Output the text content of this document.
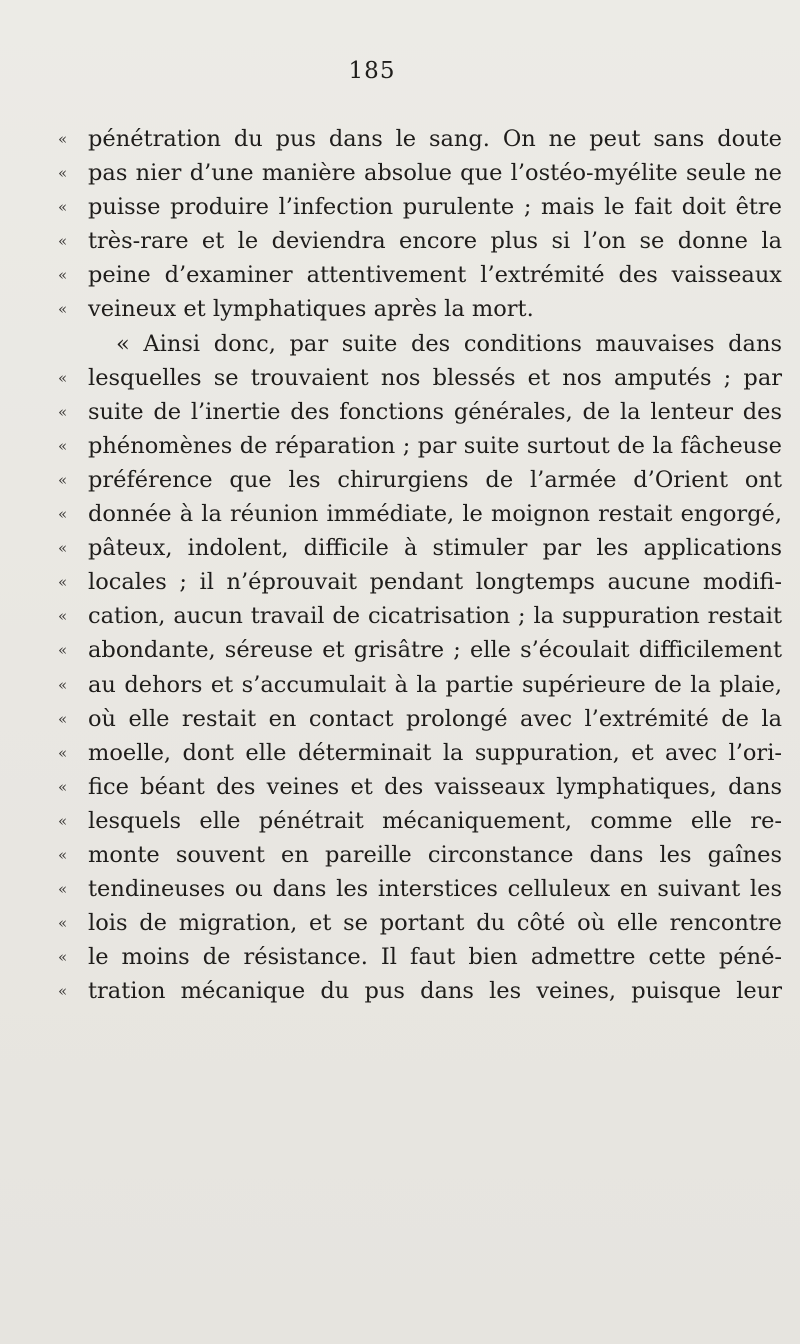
185
« pénétration du pus dans le sang. On ne peut sans doute
« pas nier d’une manière absolue que l’ostéo-myélite seule ne
« puisse produire l’infection purulente ; mais le fait doit être
« très-rare et le deviendra encore plus si l’on se donne la
« peine d’examiner attentivement l’extrémité des vaisseaux
« veineux et lymphatiques après la mort.
« Ainsi donc, par suite des conditions mauvaises dans
« lesquelles se trouvaient nos blessés et nos amputés ; par
« suite de l’inertie des fonctions générales, de la lenteur des
« phénomènes de réparation ; par suite surtout de la fâcheuse
« préférence que les chirurgiens de l’armée d’Orient ont
« donnée à la réunion immédiate, le moignon restait engorgé,
« pâteux, indolent, difficile à stimuler par les applications
« locales ; il n’éprouvait pendant longtemps aucune modifi-
« cation, aucun travail de cicatrisation ; la suppuration restait
« abondante, séreuse et grisâtre ; elle s’écoulait difficilement
« au dehors et s’accumulait à la partie supérieure de la plaie,
« où elle restait en contact prolongé avec l’extrémité de la
« moelle, dont elle déterminait la suppuration, et avec l’ori-
« fice béant des veines et des vaisseaux lymphatiques, dans
« lesquels elle pénétrait mécaniquement, comme elle re-
« monte souvent en pareille circonstance dans les gaînes
« tendineuses ou dans les interstices celluleux en suivant les
« lois de migration, et se portant du côté où elle rencontre
« le moins de résistance. Il faut bien admettre cette péné-
« tration mécanique du pus dans les veines, puisque leur
